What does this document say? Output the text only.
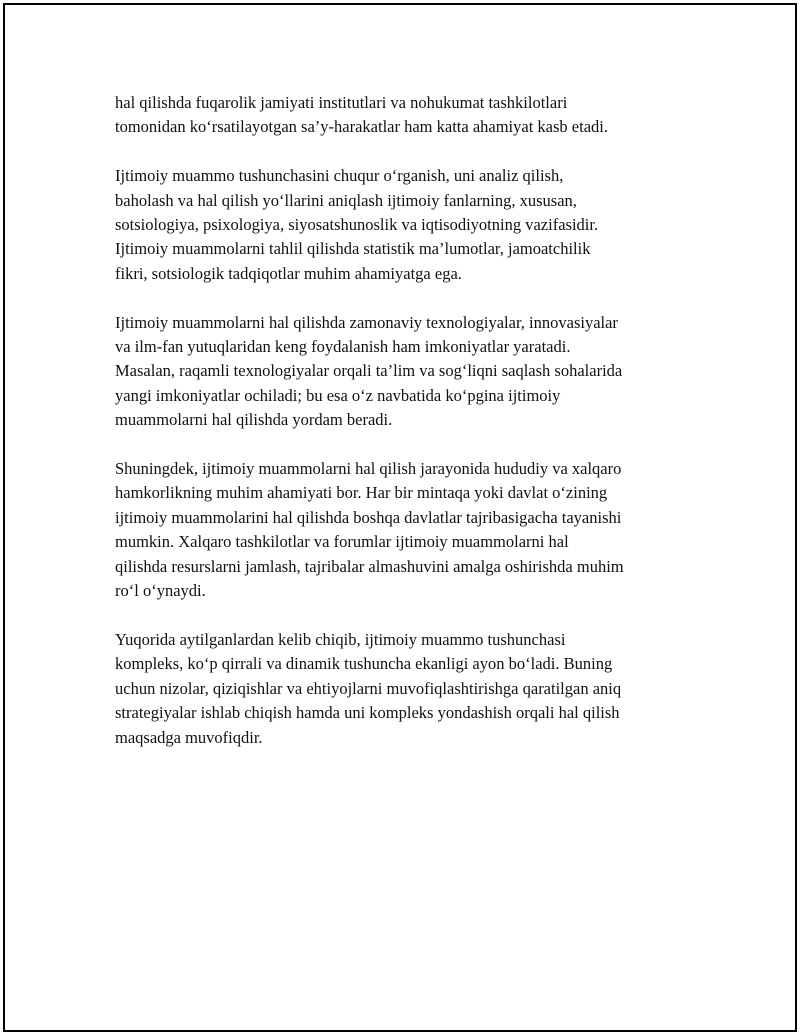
hal qilishda fuqarolik jamiyati institutlari va nohukumat tashkilotlari
tomonidan ko‘rsatilayotgan sa’y-harakatlar ham katta ahamiyat kasb etadi.

Ijtimoiy muammo tushunchasini chuqur o‘rganish, uni analiz qilish,
baholash va hal qilish yo‘llarini aniqlash ijtimoiy fanlarning, xususan,
sotsiologiya, psixologiya, siyosatshunoslik va iqtisodiyotning vazifasidir.
Ijtimoiy muammolarni tahlil qilishda statistik ma’lumotlar, jamoatchilik
fikri, sotsiologik tadqiqotlar muhim ahamiyatga ega.

Ijtimoiy muammolarni hal qilishda zamonaviy texnologiyalar, innovasiyalar
va ilm-fan yutuqlaridan keng foydalanish ham imkoniyatlar yaratadi.
Masalan, raqamli texnologiyalar orqali ta’lim va sog‘liqni saqlash sohalarida
yangi imkoniyatlar ochiladi; bu esa o‘z navbatida ko‘pgina ijtimoiy
muammolarni hal qilishda yordam beradi.

Shuningdek, ijtimoiy muammolarni hal qilish jarayonida hududiy va xalqaro
hamkorlikning muhim ahamiyati bor. Har bir mintaqa yoki davlat o‘zining
ijtimoiy muammolarini hal qilishda boshqa davlatlar tajribasigacha tayanishi
mumkin. Xalqaro tashkilotlar va forumlar ijtimoiy muammolarni hal
qilishda resurslarni jamlash, tajribalar almashuvini amalga oshirishda muhim
ro‘l o‘ynaydi.

Yuqorida aytilganlardan kelib chiqib, ijtimoiy muammo tushunchasi
kompleks, ko‘p qirrali va dinamik tushuncha ekanligi ayon bo‘ladi. Buning
uchun nizolar, qiziqishlar va ehtiyojlarni muvofiqlashtirishga qaratilgan aniq
strategiyalar ishlab chiqish hamda uni kompleks yondashish orqali hal qilish
maqsadga muvofiqdir.
